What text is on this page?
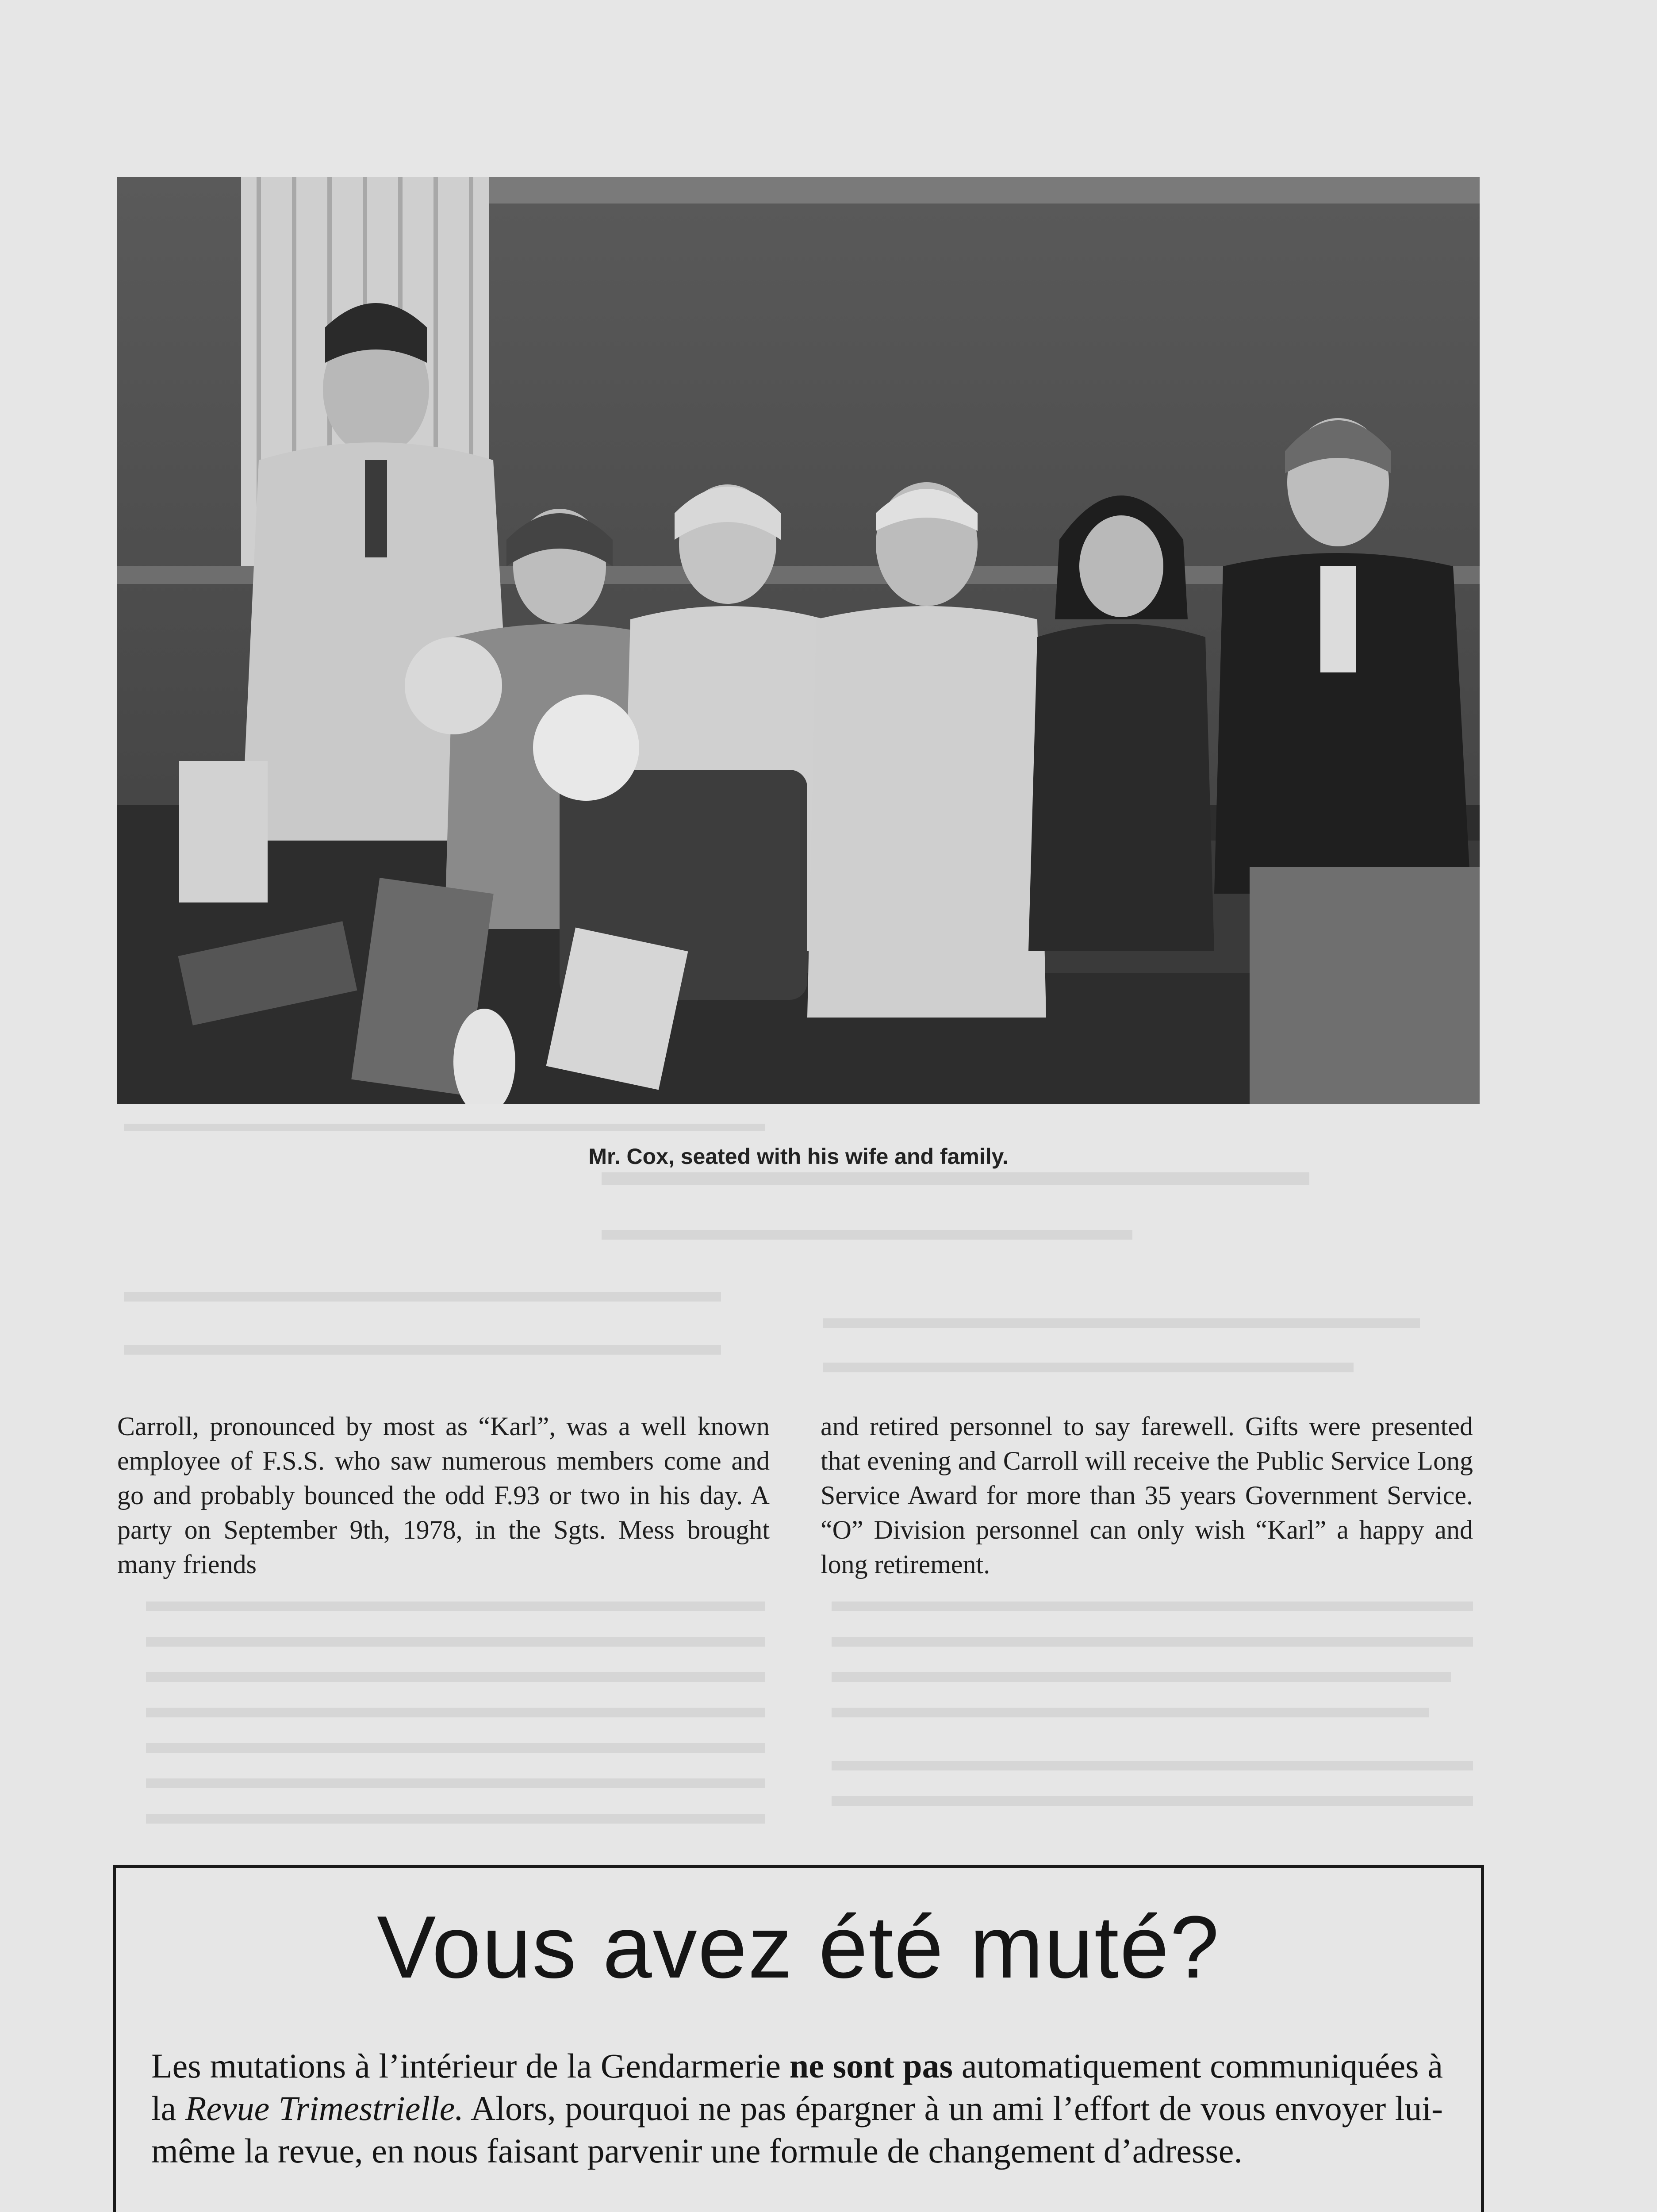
Mr. Cox, seated with his wife and family.
Carroll, pronounced by most as “Karl”, was a well known employee of F.S.S. who saw numerous members come and go and probably bounced the odd F.93 or two in his day. A party on September 9th, 1978, in the Sgts. Mess brought many friends
and retired personnel to say farewell. Gifts were presented that evening and Carroll will receive the Public Service Long Service Award for more than 35 years Government Service. “O” Division personnel can only wish “Karl” a happy and long retirement.
Vous avez été muté?
Les mutations à l’intérieur de la Gendarmerie ne sont pas automatiquement communiquées à la Revue Trimestrielle. Alors, pourquoi ne pas épargner à un ami l’effort de vous envoyer lui-même la revue, en nous faisant parvenir une formule de changement d’adresse.
